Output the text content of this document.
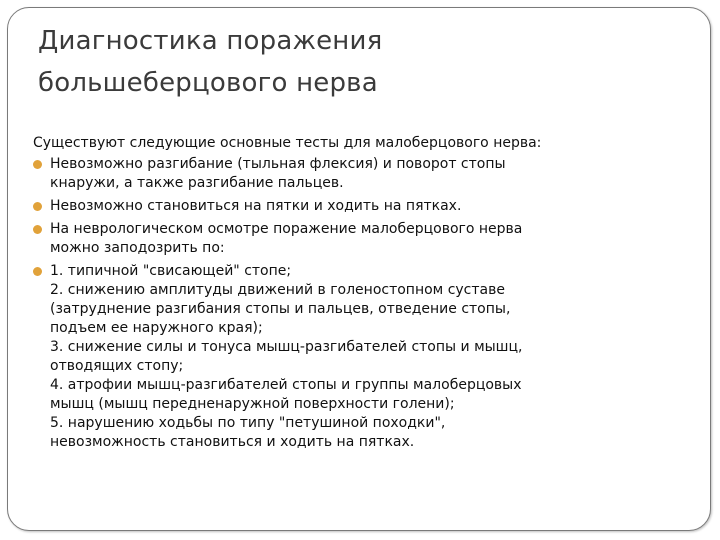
Диагностика поражения
большеберцового нерва
Существуют следующие основные тесты для малоберцового нерва:
Невозможно разгибание (тыльная флексия) и поворот стопы
кнаружи, а также разгибание пальцев.
Невозможно становиться на пятки и ходить на пятках.
На неврологическом осмотре поражение малоберцового нерва
можно заподозрить по:
1. типичной "свисающей" стопе;
2. снижению амплитуды движений в голеностопном суставе
(затруднение разгибания стопы и пальцев, отведение стопы,
подъем ее наружного края);
3. снижение силы и тонуса мышц-разгибателей стопы и мышц,
отводящих стопу;
4. атрофии мышц-разгибателей стопы и группы малоберцовых
мышц (мышц передненаружной поверхности голени);
5. нарушению ходьбы по типу "петушиной походки",
невозможность становиться и ходить на пятках.
